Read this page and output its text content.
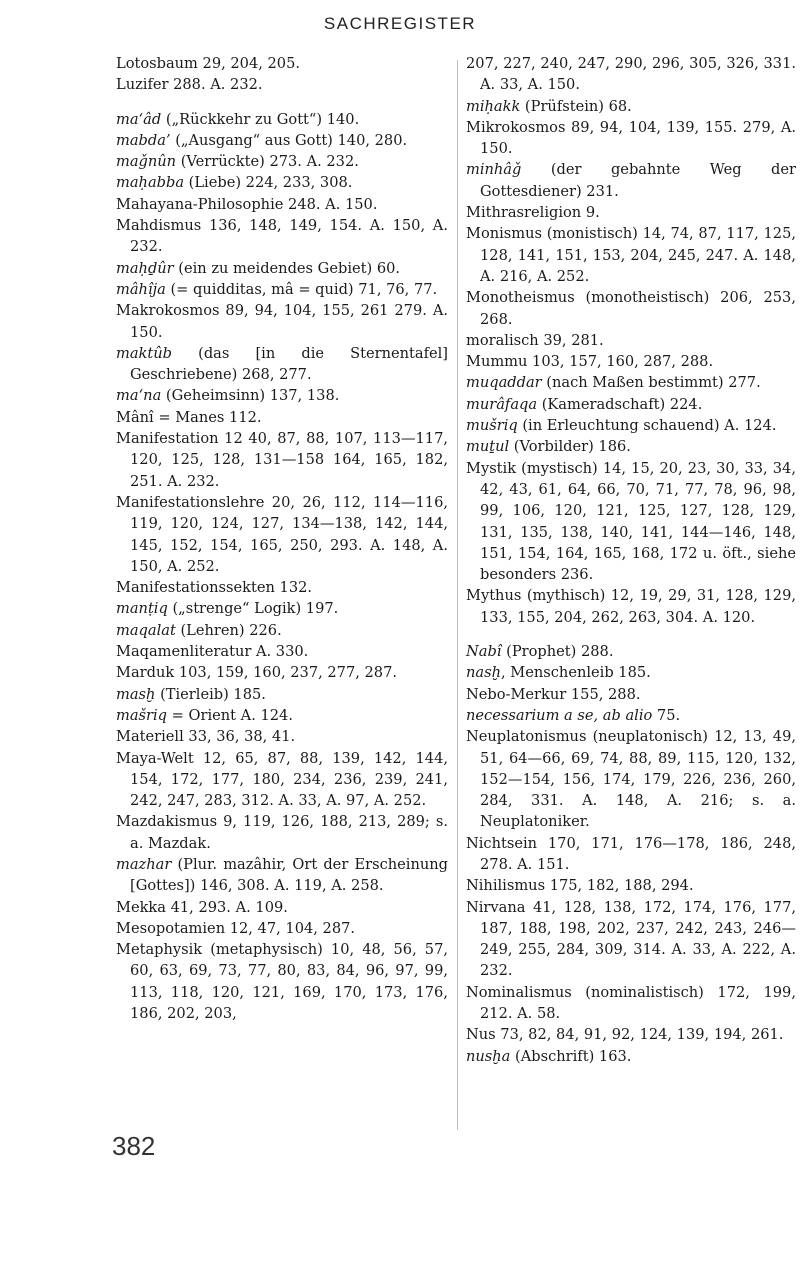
SACHREGISTER
Lotosbaum 29, 204, 205.
Luzifer 288. A. 232.
ma‘âd („Rückkehr zu Gott“) 140.
mabda’ („Ausgang“ aus Gott) 140, 280.
maǧnûn (Verrückte) 273. A. 232.
maḥabba (Liebe) 224, 233, 308.
Mahayana-Philosophie 248. A. 150.
Mahdismus 136, 148, 149, 154. A. 150, A. 232.
maḥḏûr (ein zu meidendes Gebiet) 60.
mâhîja (= quidditas, mâ = quid) 71, 76, 77.
Makrokosmos 89, 94, 104, 155, 261 279. A. 150.
maktûb (das [in die Sternentafel] Geschriebene) 268, 277.
ma‘na (Geheimsinn) 137, 138.
Mânî = Manes 112.
Manifestation 12 40, 87, 88, 107, 113—117, 120, 125, 128, 131—158 164, 165, 182, 251. A. 232.
Manifestationslehre 20, 26, 112, 114—116, 119, 120, 124, 127, 134—138, 142, 144, 145, 152, 154, 165, 250, 293. A. 148, A. 150, A. 252.
Manifestationssekten 132.
manṭiq („strenge“ Logik) 197.
maqalat (Lehren) 226.
Maqamenliteratur A. 330.
Marduk 103, 159, 160, 237, 277, 287.
masḫ (Tierleib) 185.
mašriq = Orient A. 124.
Materiell 33, 36, 38, 41.
Maya-Welt 12, 65, 87, 88, 139, 142, 144, 154, 172, 177, 180, 234, 236, 239, 241, 242, 247, 283, 312. A. 33, A. 97, A. 252.
Mazdakismus 9, 119, 126, 188, 213, 289; s. a. Mazdak.
mazhar (Plur. mazâhir, Ort der Erscheinung [Gottes]) 146, 308. A. 119, A. 258.
Mekka 41, 293. A. 109.
Mesopotamien 12, 47, 104, 287.
Metaphysik (metaphysisch) 10, 48, 56, 57, 60, 63, 69, 73, 77, 80, 83, 84, 96, 97, 99, 113, 118, 120, 121, 169, 170, 173, 176, 186, 202, 203,
207, 227, 240, 247, 290, 296, 305, 326, 331. A. 33, A. 150.
miḥakk (Prüfstein) 68.
Mikrokosmos 89, 94, 104, 139, 155. 279, A. 150.
minhâǧ (der gebahnte Weg der Gottesdiener) 231.
Mithrasreligion 9.
Monismus (monistisch) 14, 74, 87, 117, 125, 128, 141, 151, 153, 204, 245, 247. A. 148, A. 216, A. 252.
Monotheismus (monotheistisch) 206, 253, 268.
moralisch 39, 281.
Mummu 103, 157, 160, 287, 288.
muqaddar (nach Maßen bestimmt) 277.
murâfaqa (Kameradschaft) 224.
mušriq (in Erleuchtung schauend) A. 124.
muṯul (Vorbilder) 186.
Mystik (mystisch) 14, 15, 20, 23, 30, 33, 34, 42, 43, 61, 64, 66, 70, 71, 77, 78, 96, 98, 99, 106, 120, 121, 125, 127, 128, 129, 131, 135, 138, 140, 141, 144—146, 148, 151, 154, 164, 165, 168, 172 u. öft., siehe besonders 236.
Mythus (mythisch) 12, 19, 29, 31, 128, 129, 133, 155, 204, 262, 263, 304. A. 120.
Nabî (Prophet) 288.
nasḫ, Menschenleib 185.
Nebo-Merkur 155, 288.
necessarium a se, ab alio 75.
Neuplatonismus (neuplatonisch) 12, 13, 49, 51, 64—66, 69, 74, 88, 89, 115, 120, 132, 152—154, 156, 174, 179, 226, 236, 260, 284, 331. A. 148, A. 216; s. a. Neuplatoniker.
Nichtsein 170, 171, 176—178, 186, 248, 278. A. 151.
Nihilismus 175, 182, 188, 294.
Nirvana 41, 128, 138, 172, 174, 176, 177, 187, 188, 198, 202, 237, 242, 243, 246—249, 255, 284, 309, 314. A. 33, A. 222, A. 232.
Nominalismus (nominalistisch) 172, 199, 212. A. 58.
Nus 73, 82, 84, 91, 92, 124, 139, 194, 261.
nusḫa (Abschrift) 163.
382
